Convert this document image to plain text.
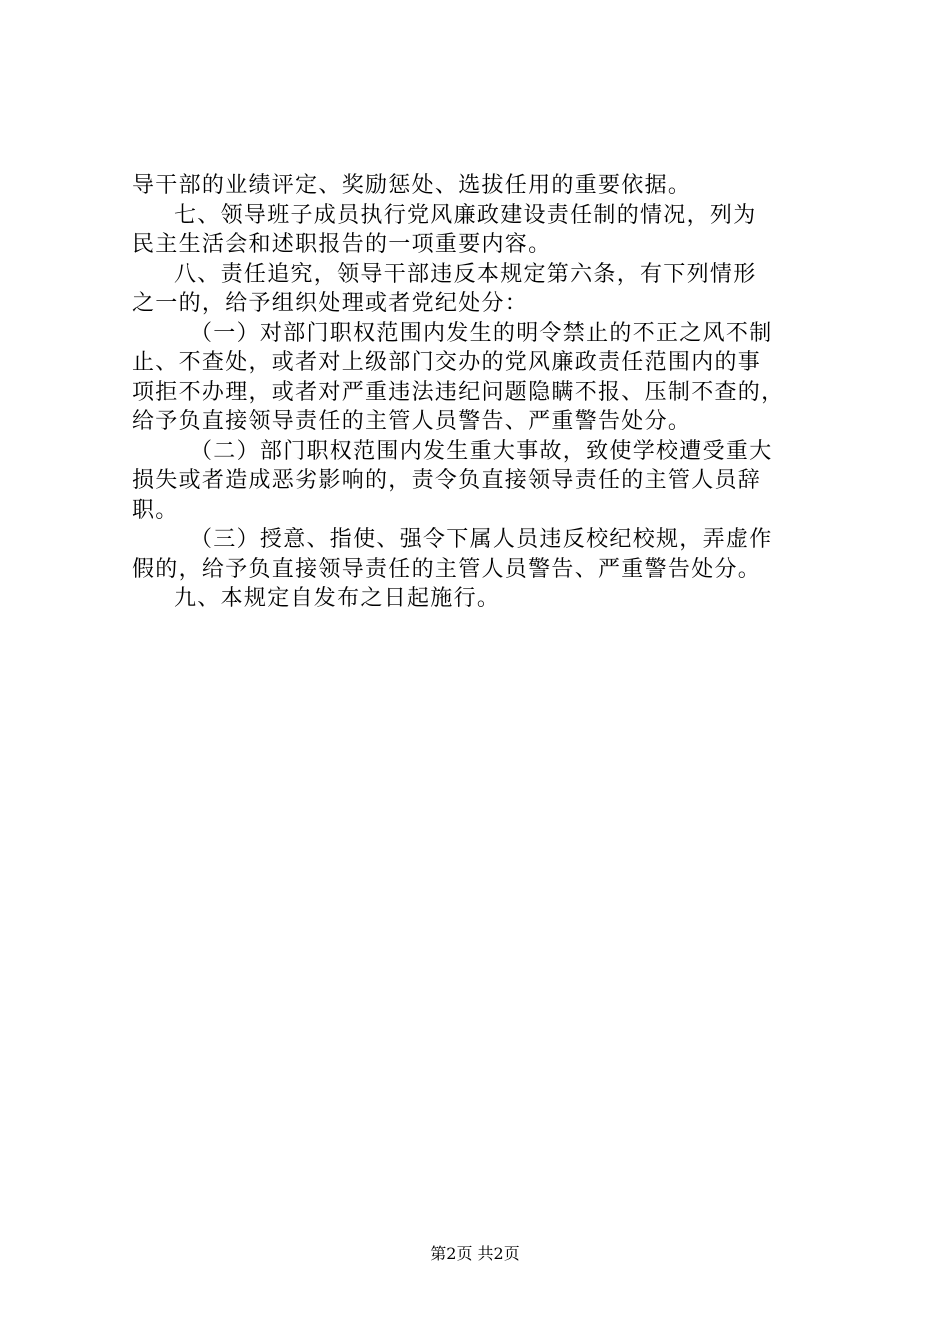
导干部的业绩评定、奖励惩处、选拔任用的重要依据。
七、领导班子成员执行党风廉政建设责任制的情况，列为
民主生活会和述职报告的一项重要内容。
八、责任追究，领导干部违反本规定第六条，有下列情形
之一的，给予组织处理或者党纪处分：
（一）对部门职权范围内发生的明令禁止的不正之风不制
止、不查处，或者对上级部门交办的党风廉政责任范围内的事
项拒不办理，或者对严重违法违纪问题隐瞒不报、压制不查的，
给予负直接领导责任的主管人员警告、严重警告处分。
（二）部门职权范围内发生重大事故，致使学校遭受重大
损失或者造成恶劣影响的，责令负直接领导责任的主管人员辞
职。
（三）授意、指使、强令下属人员违反校纪校规，弄虚作
假的，给予负直接领导责任的主管人员警告、严重警告处分。
九、本规定自发布之日起施行。
第2页 共2页
